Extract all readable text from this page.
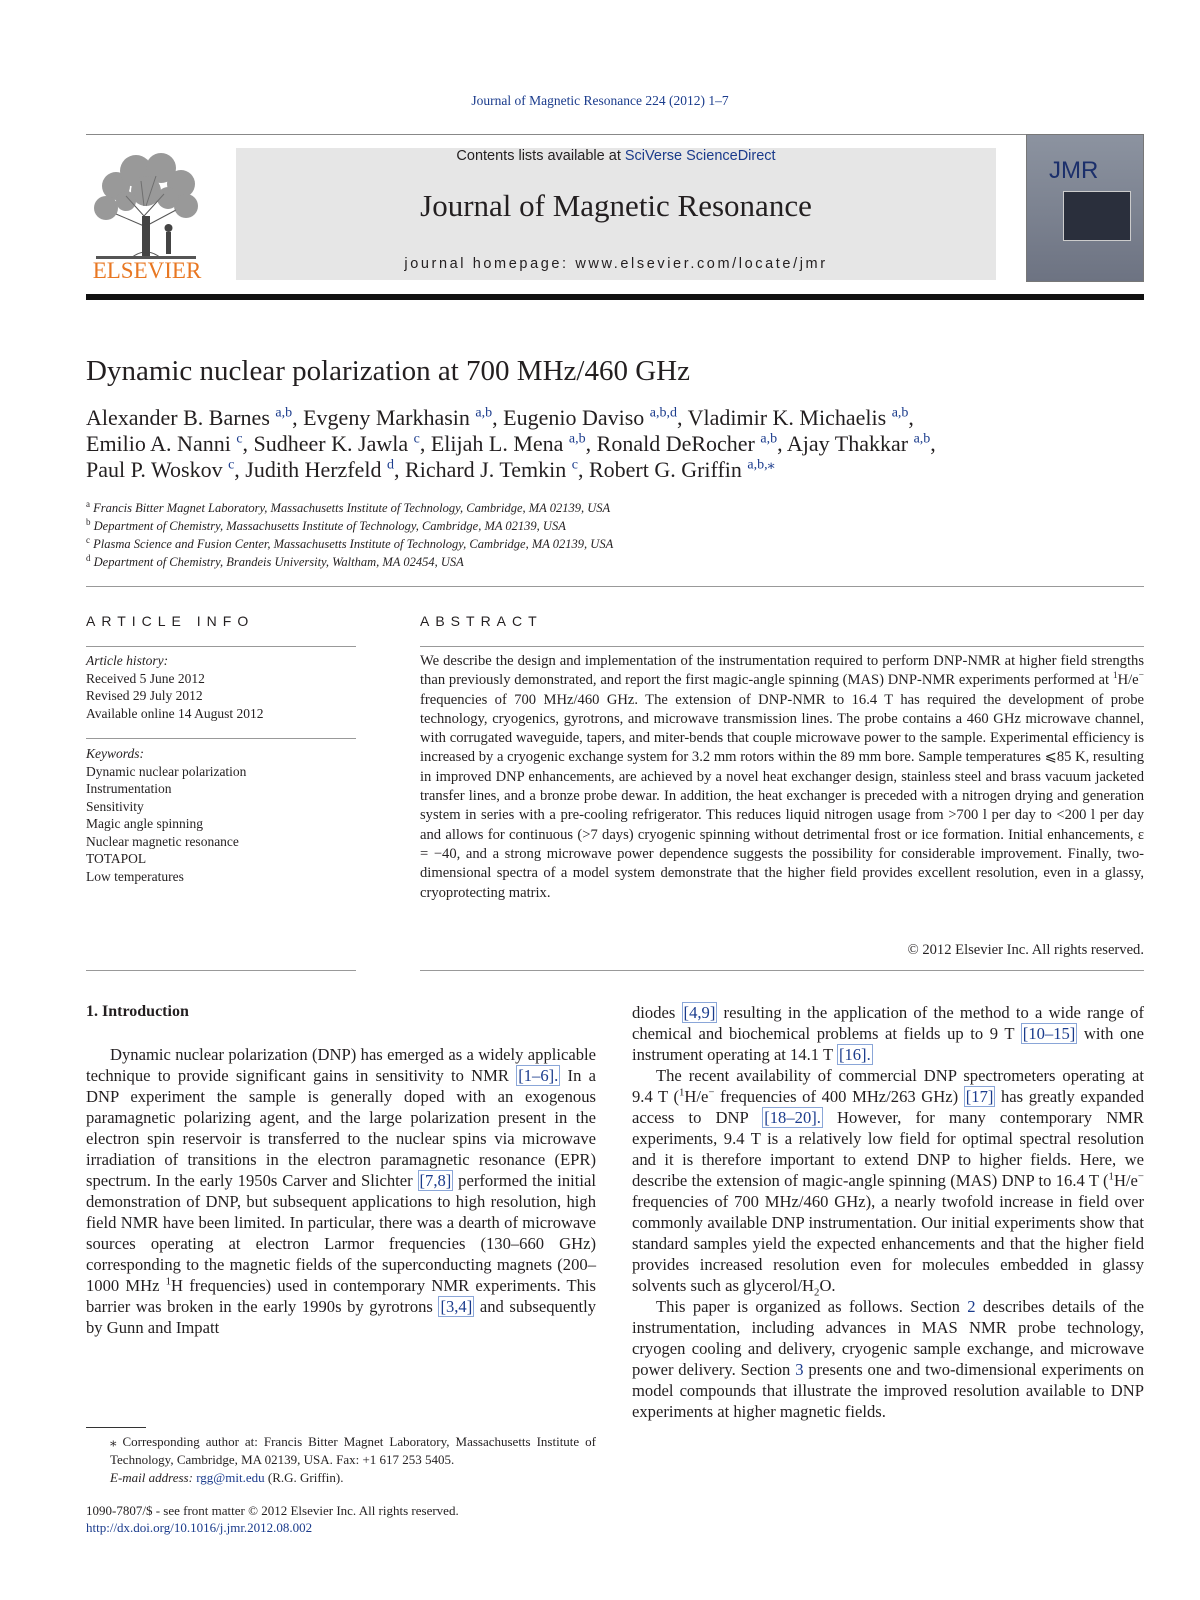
Journal of Magnetic Resonance 224 (2012) 1–7
ELSEVIER
Contents lists available at SciVerse ScienceDirect
Journal of Magnetic Resonance
journal homepage: www.elsevier.com/locate/jmr
JMR
Dynamic nuclear polarization at 700 MHz/460 GHz
Alexander B. Barnes $^{a,b}$, Evgeny Markhasin $^{a,b}$, Eugenio Daviso $^{a,b,d}$, Vladimir K. Michaelis $^{a,b}$,
Emilio A. Nanni $^c$, Sudheer K. Jawla $^c$, Elijah L. Mena $^{a,b}$, Ronald DeRocher $^{a,b}$, Ajay Thakkar $^{a,b}$,
Paul P. Woskov $^c$, Judith Herzfeld $^d$, Richard J. Temkin $^c$, Robert G. Griffin $^{a,b,⁎}$
$^a$ Francis Bitter Magnet Laboratory, Massachusetts Institute of Technology, Cambridge, MA 02139, USA
$^b$ Department of Chemistry, Massachusetts Institute of Technology, Cambridge, MA 02139, USA
$^c$ Plasma Science and Fusion Center, Massachusetts Institute of Technology, Cambridge, MA 02139, USA
$^d$ Department of Chemistry, Brandeis University, Waltham, MA 02454, USA
ARTICLE INFO
Article history:
Received 5 June 2012
Revised 29 July 2012
Available online 14 August 2012
Keywords:
Dynamic nuclear polarization
Instrumentation
Sensitivity
Magic angle spinning
Nuclear magnetic resonance
TOTAPOL
Low temperatures
ABSTRACT
We describe the design and implementation of the instrumentation required to perform DNP-NMR at higher field strengths than previously demonstrated, and report the first magic-angle spinning (MAS) DNP-NMR experiments performed at $^1$H/e− frequencies of 700 MHz/460 GHz. The extension of DNP-NMR to 16.4 T has required the development of probe technology, cryogenics, gyrotrons, and microwave transmission lines. The probe contains a 460 GHz microwave channel, with corrugated waveguide, tapers, and miter-bends that couple microwave power to the sample. Experimental efficiency is increased by a cryogenic exchange system for 3.2 mm rotors within the 89 mm bore. Sample temperatures ⩽85 K, resulting in improved DNP enhancements, are achieved by a novel heat exchanger design, stainless steel and brass vacuum jacketed transfer lines, and a bronze probe dewar. In addition, the heat exchanger is preceded with a nitrogen drying and generation system in series with a pre-cooling refrigerator. This reduces liquid nitrogen usage from >700 l per day to <200 l per day and allows for continuous (>7 days) cryogenic spinning without detrimental frost or ice formation. Initial enhancements, ε = −40, and a strong microwave power dependence suggests the possibility for considerable improvement. Finally, two-dimensional spectra of a model system demonstrate that the higher field provides excellent resolution, even in a glassy, cryoprotecting matrix.
© 2012 Elsevier Inc. All rights reserved.
1. Introduction

Dynamic nuclear polarization (DNP) has emerged as a widely applicable technique to provide significant gains in sensitivity to NMR [1–6]. In a DNP experiment the sample is generally doped with an exogenous paramagnetic polarizing agent, and the large polarization present in the electron spin reservoir is transferred to the nuclear spins via microwave irradiation of transitions in the electron paramagnetic resonance (EPR) spectrum. In the early 1950s Carver and Slichter [7,8] performed the initial demonstration of DNP, but subsequent applications to high resolution, high field NMR have been limited. In particular, there was a dearth of microwave sources operating at electron Larmor frequencies (130–660 GHz) corresponding to the magnetic fields of the superconducting magnets (200–1000 MHz $^1$H frequencies) used in contemporary NMR experiments. This barrier was broken in the early 1990s by gyrotrons [3,4] and subsequently by Gunn and Impatt

diodes [4,9] resulting in the application of the method to a wide range of chemical and biochemical problems at fields up to 9 T [10–15] with one instrument operating at 14.1 T [16].

The recent availability of commercial DNP spectrometers operating at 9.4 T ($^1$H/e− frequencies of 400 MHz/263 GHz) [17] has greatly expanded access to DNP [18–20]. However, for many contemporary NMR experiments, 9.4 T is a relatively low field for optimal spectral resolution and it is therefore important to extend DNP to higher fields. Here, we describe the extension of magic-angle spinning (MAS) DNP to 16.4 T ($^1$H/e− frequencies of 700 MHz/460 GHz), a nearly twofold increase in field over commonly available DNP instrumentation. Our initial experiments show that standard samples yield the expected enhancements and that the higher field provides increased resolution even for molecules embedded in glassy solvents such as glycerol/$H_2O$.

This paper is organized as follows. Section 2 describes details of the instrumentation, including advances in MAS NMR probe technology, cryogen cooling and delivery, cryogenic sample exchange, and microwave power delivery. Section 3 presents one and two-dimensional experiments on model compounds that illustrate the improved resolution available to DNP experiments at higher magnetic fields.

⁎ Corresponding author at: Francis Bitter Magnet Laboratory, Massachusetts Institute of Technology, Cambridge, MA 02139, USA. Fax: +1 617 253 5405.

E-mail address: rgg@mit.edu (R.G. Griffin).

1090-7807/$ - see front matter © 2012 Elsevier Inc. All rights reserved.
http://dx.doi.org/10.1016/j.jmr.2012.08.002
